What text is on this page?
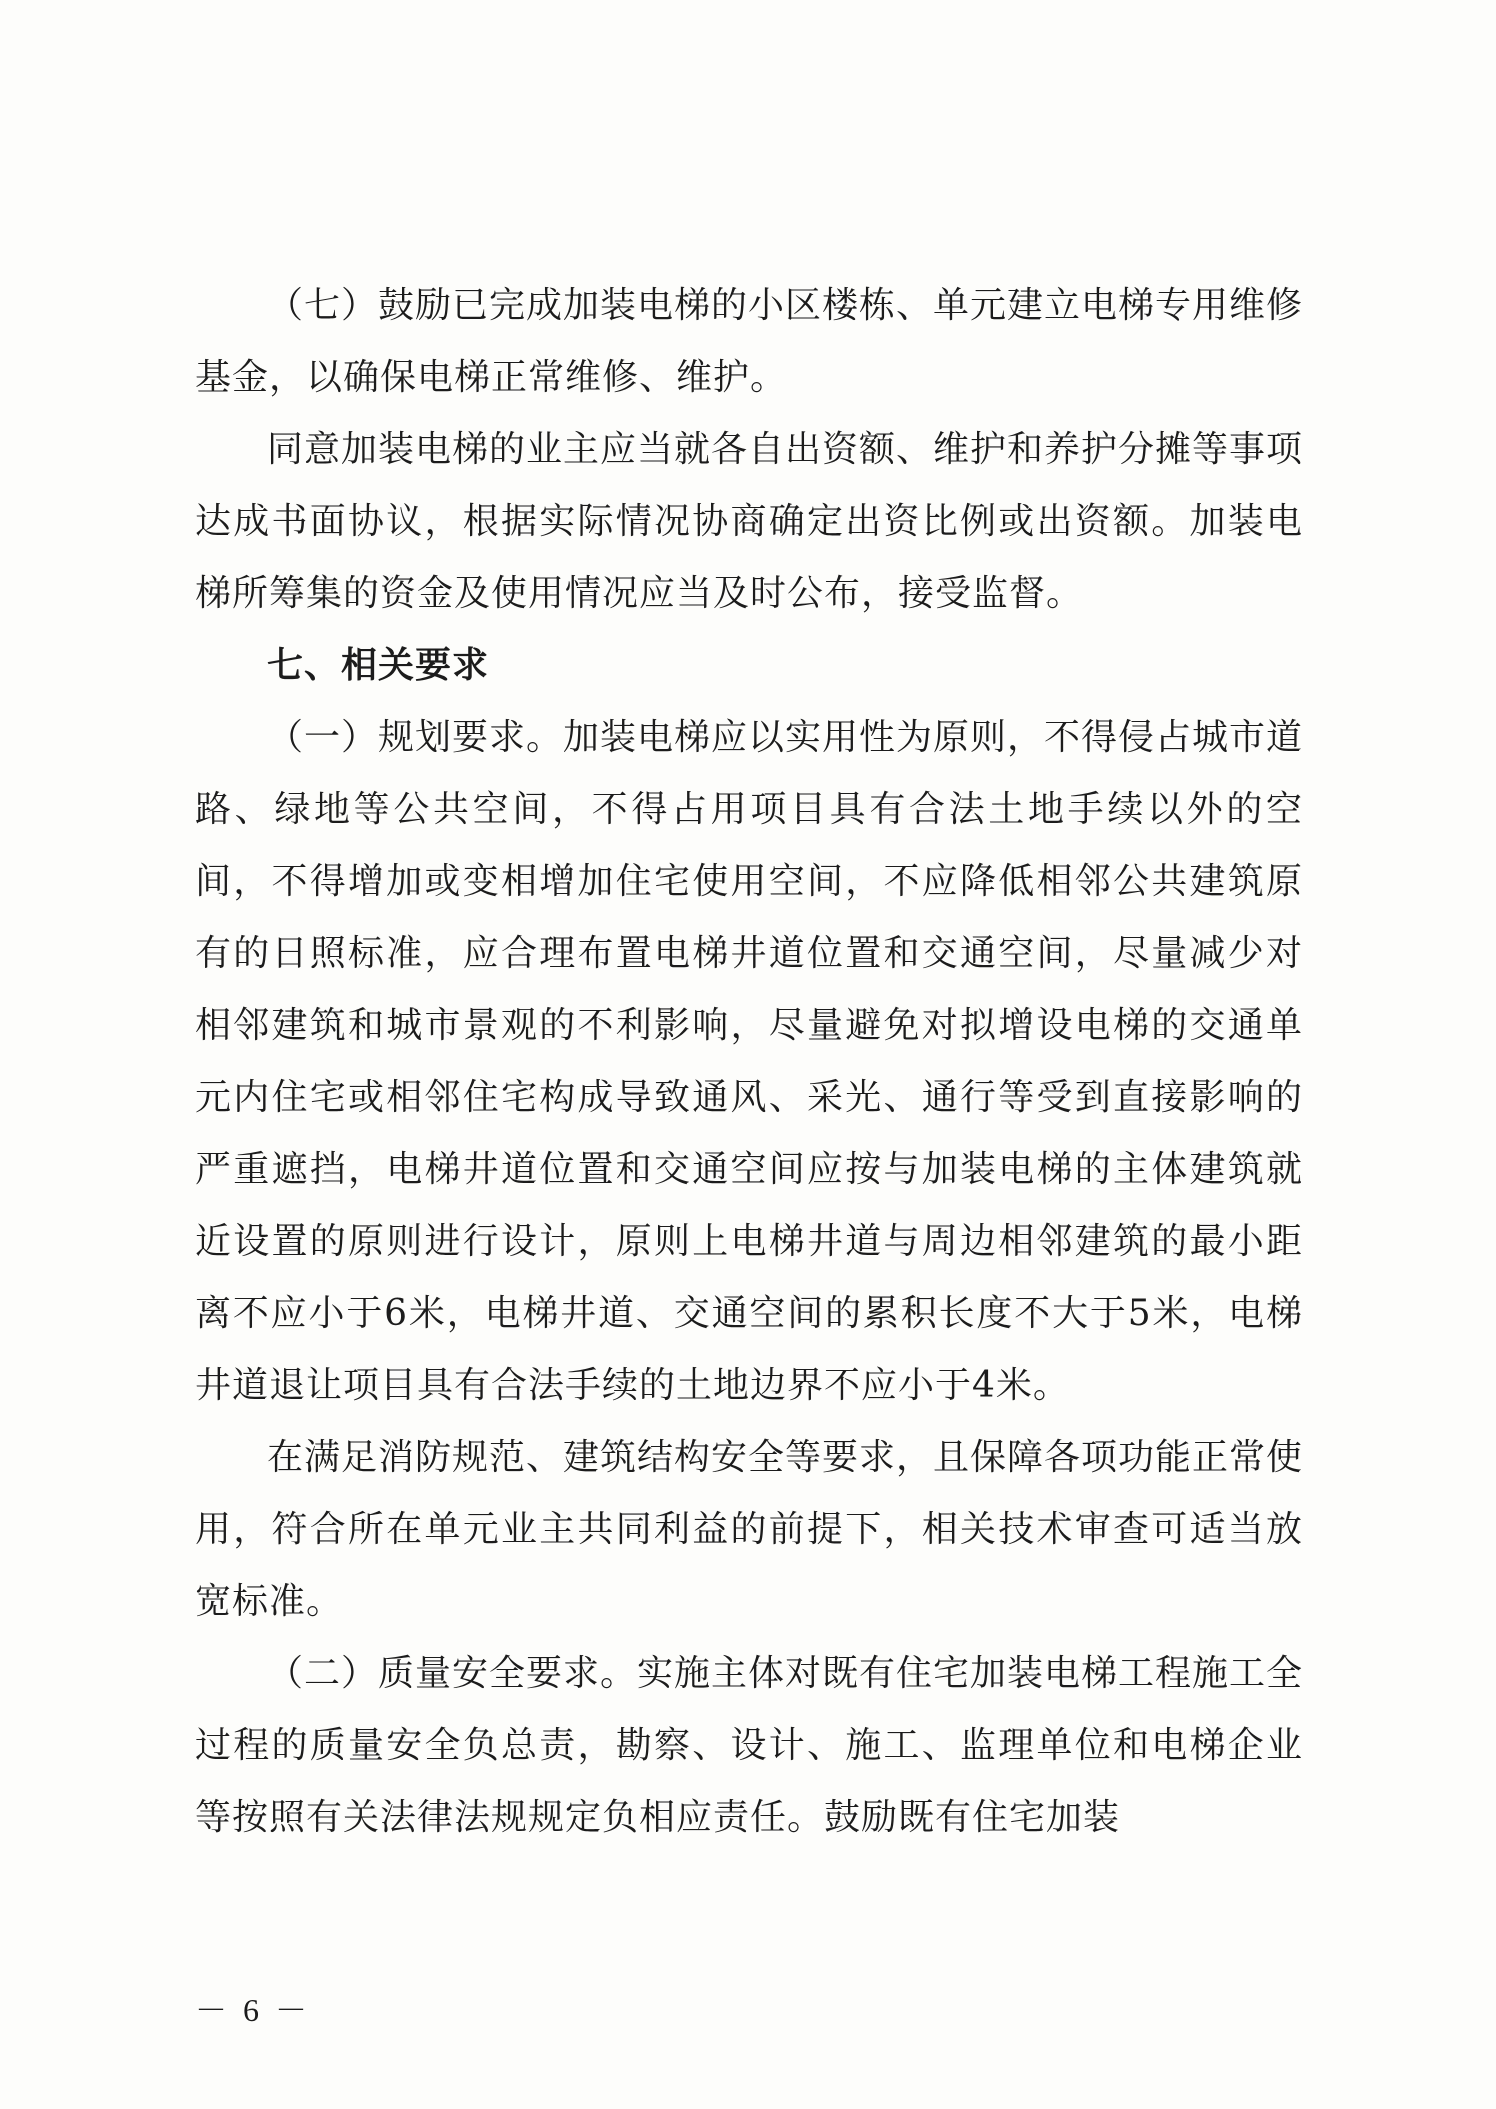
（七）鼓励已完成加装电梯的小区楼栋、单元建立电梯专用维修基金，以确保电梯正常维修、维护。

同意加装电梯的业主应当就各自出资额、维护和养护分摊等事项达成书面协议，根据实际情况协商确定出资比例或出资额。加装电梯所筹集的资金及使用情况应当及时公布，接受监督。

七、相关要求

（一）规划要求。加装电梯应以实用性为原则，不得侵占城市道路、绿地等公共空间，不得占用项目具有合法土地手续以外的空间，不得增加或变相增加住宅使用空间，不应降低相邻公共建筑原有的日照标准，应合理布置电梯井道位置和交通空间，尽量减少对相邻建筑和城市景观的不利影响，尽量避免对拟增设电梯的交通单元内住宅或相邻住宅构成导致通风、采光、通行等受到直接影响的严重遮挡，电梯井道位置和交通空间应按与加装电梯的主体建筑就近设置的原则进行设计，原则上电梯井道与周边相邻建筑的最小距离不应小于6米，电梯井道、交通空间的累积长度不大于5米，电梯井道退让项目具有合法手续的土地边界不应小于4米。

在满足消防规范、建筑结构安全等要求，且保障各项功能正常使用，符合所在单元业主共同利益的前提下，相关技术审查可适当放宽标准。

（二）质量安全要求。实施主体对既有住宅加装电梯工程施工全过程的质量安全负总责，勘察、设计、施工、监理单位和电梯企业等按照有关法律法规规定负相应责任。鼓励既有住宅加装

－ 6 －
